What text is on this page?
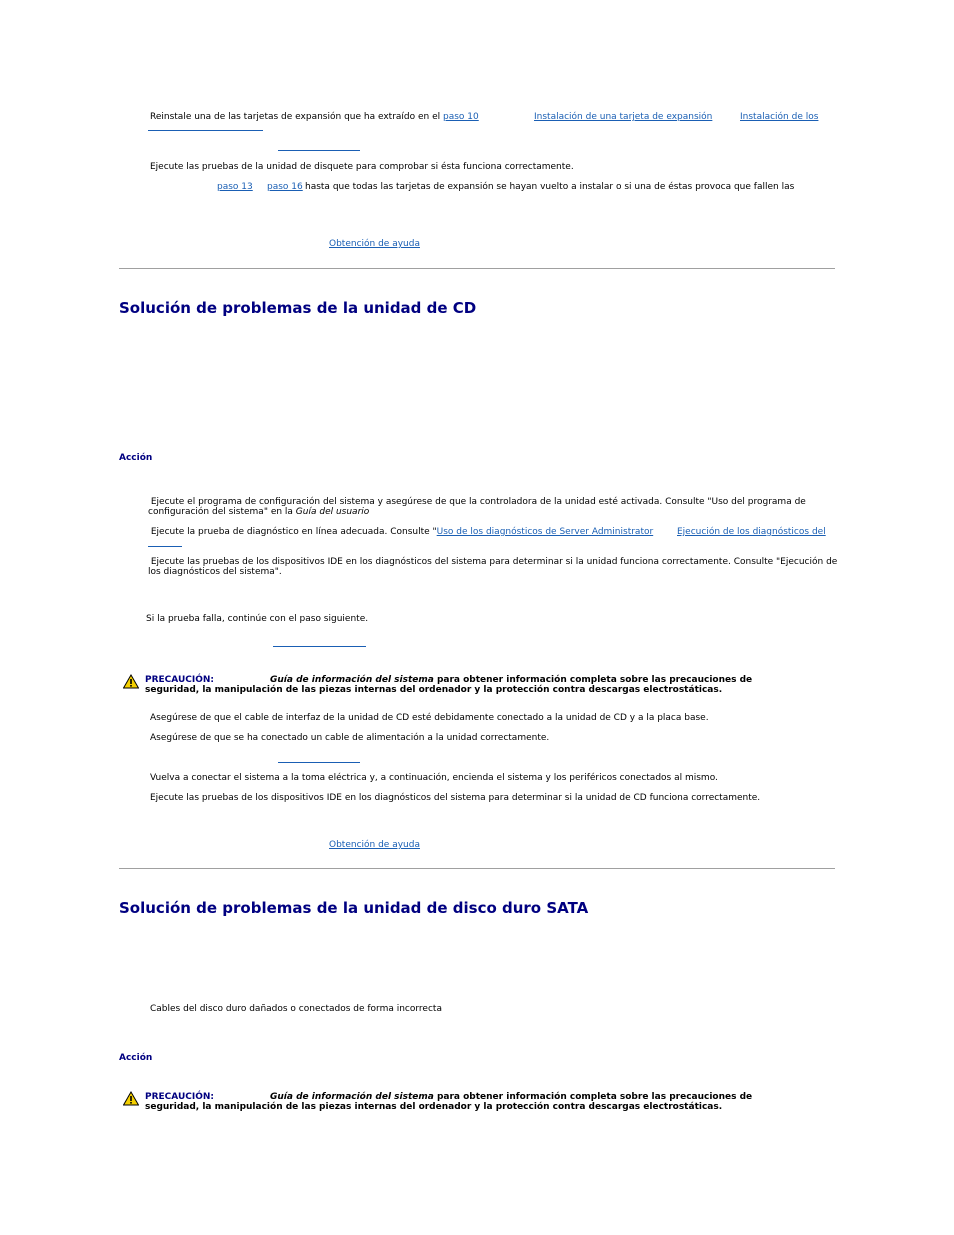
Reinstale una de las tarjetas de expansión que ha extraído en el paso 10	Instalación de una tarjeta de expansión	Instalación de los
Ejecute las pruebas de la unidad de disquete para comprobar si ésta funciona correctamente.
paso 13 paso 16 hasta que todas las tarjetas de expansión se hayan vuelto a instalar o si una de éstas provoca que fallen las
Obtención de ayuda
Solución de problemas de la unidad de CD
Acción
Ejecute el programa de configuración del sistema y asegúrese de que la controladora de la unidad esté activada. Consulte "Uso del programa de configuración del sistema" en la Guía del usuario
Ejecute la prueba de diagnóstico en línea adecuada. Consulte "Uso de los diagnósticos de Server Administrator	Ejecución de los diagnósticos del
Ejecute las pruebas de los dispositivos IDE en los diagnósticos del sistema para determinar si la unidad funciona correctamente. Consulte "Ejecución de los diagnósticos del sistema".
Si la prueba falla, continúe con el paso siguiente.
PRECAUCIÓN:	Guía de información del sistema para obtener información completa sobre las precauciones de seguridad, la manipulación de las piezas internas del ordenador y la protección contra descargas electrostáticas.
Asegúrese de que el cable de interfaz de la unidad de CD esté debidamente conectado a la unidad de CD y a la placa base.
Asegúrese de que se ha conectado un cable de alimentación a la unidad correctamente.
Vuelva a conectar el sistema a la toma eléctrica y, a continuación, encienda el sistema y los periféricos conectados al mismo.
Ejecute las pruebas de los dispositivos IDE en los diagnósticos del sistema para determinar si la unidad de CD funciona correctamente.
Obtención de ayuda
Solución de problemas de la unidad de disco duro SATA
Cables del disco duro dañados o conectados de forma incorrecta
Acción
PRECAUCIÓN:	Guía de información del sistema para obtener información completa sobre las precauciones de seguridad, la manipulación de las piezas internas del ordenador y la protección contra descargas electrostáticas.
